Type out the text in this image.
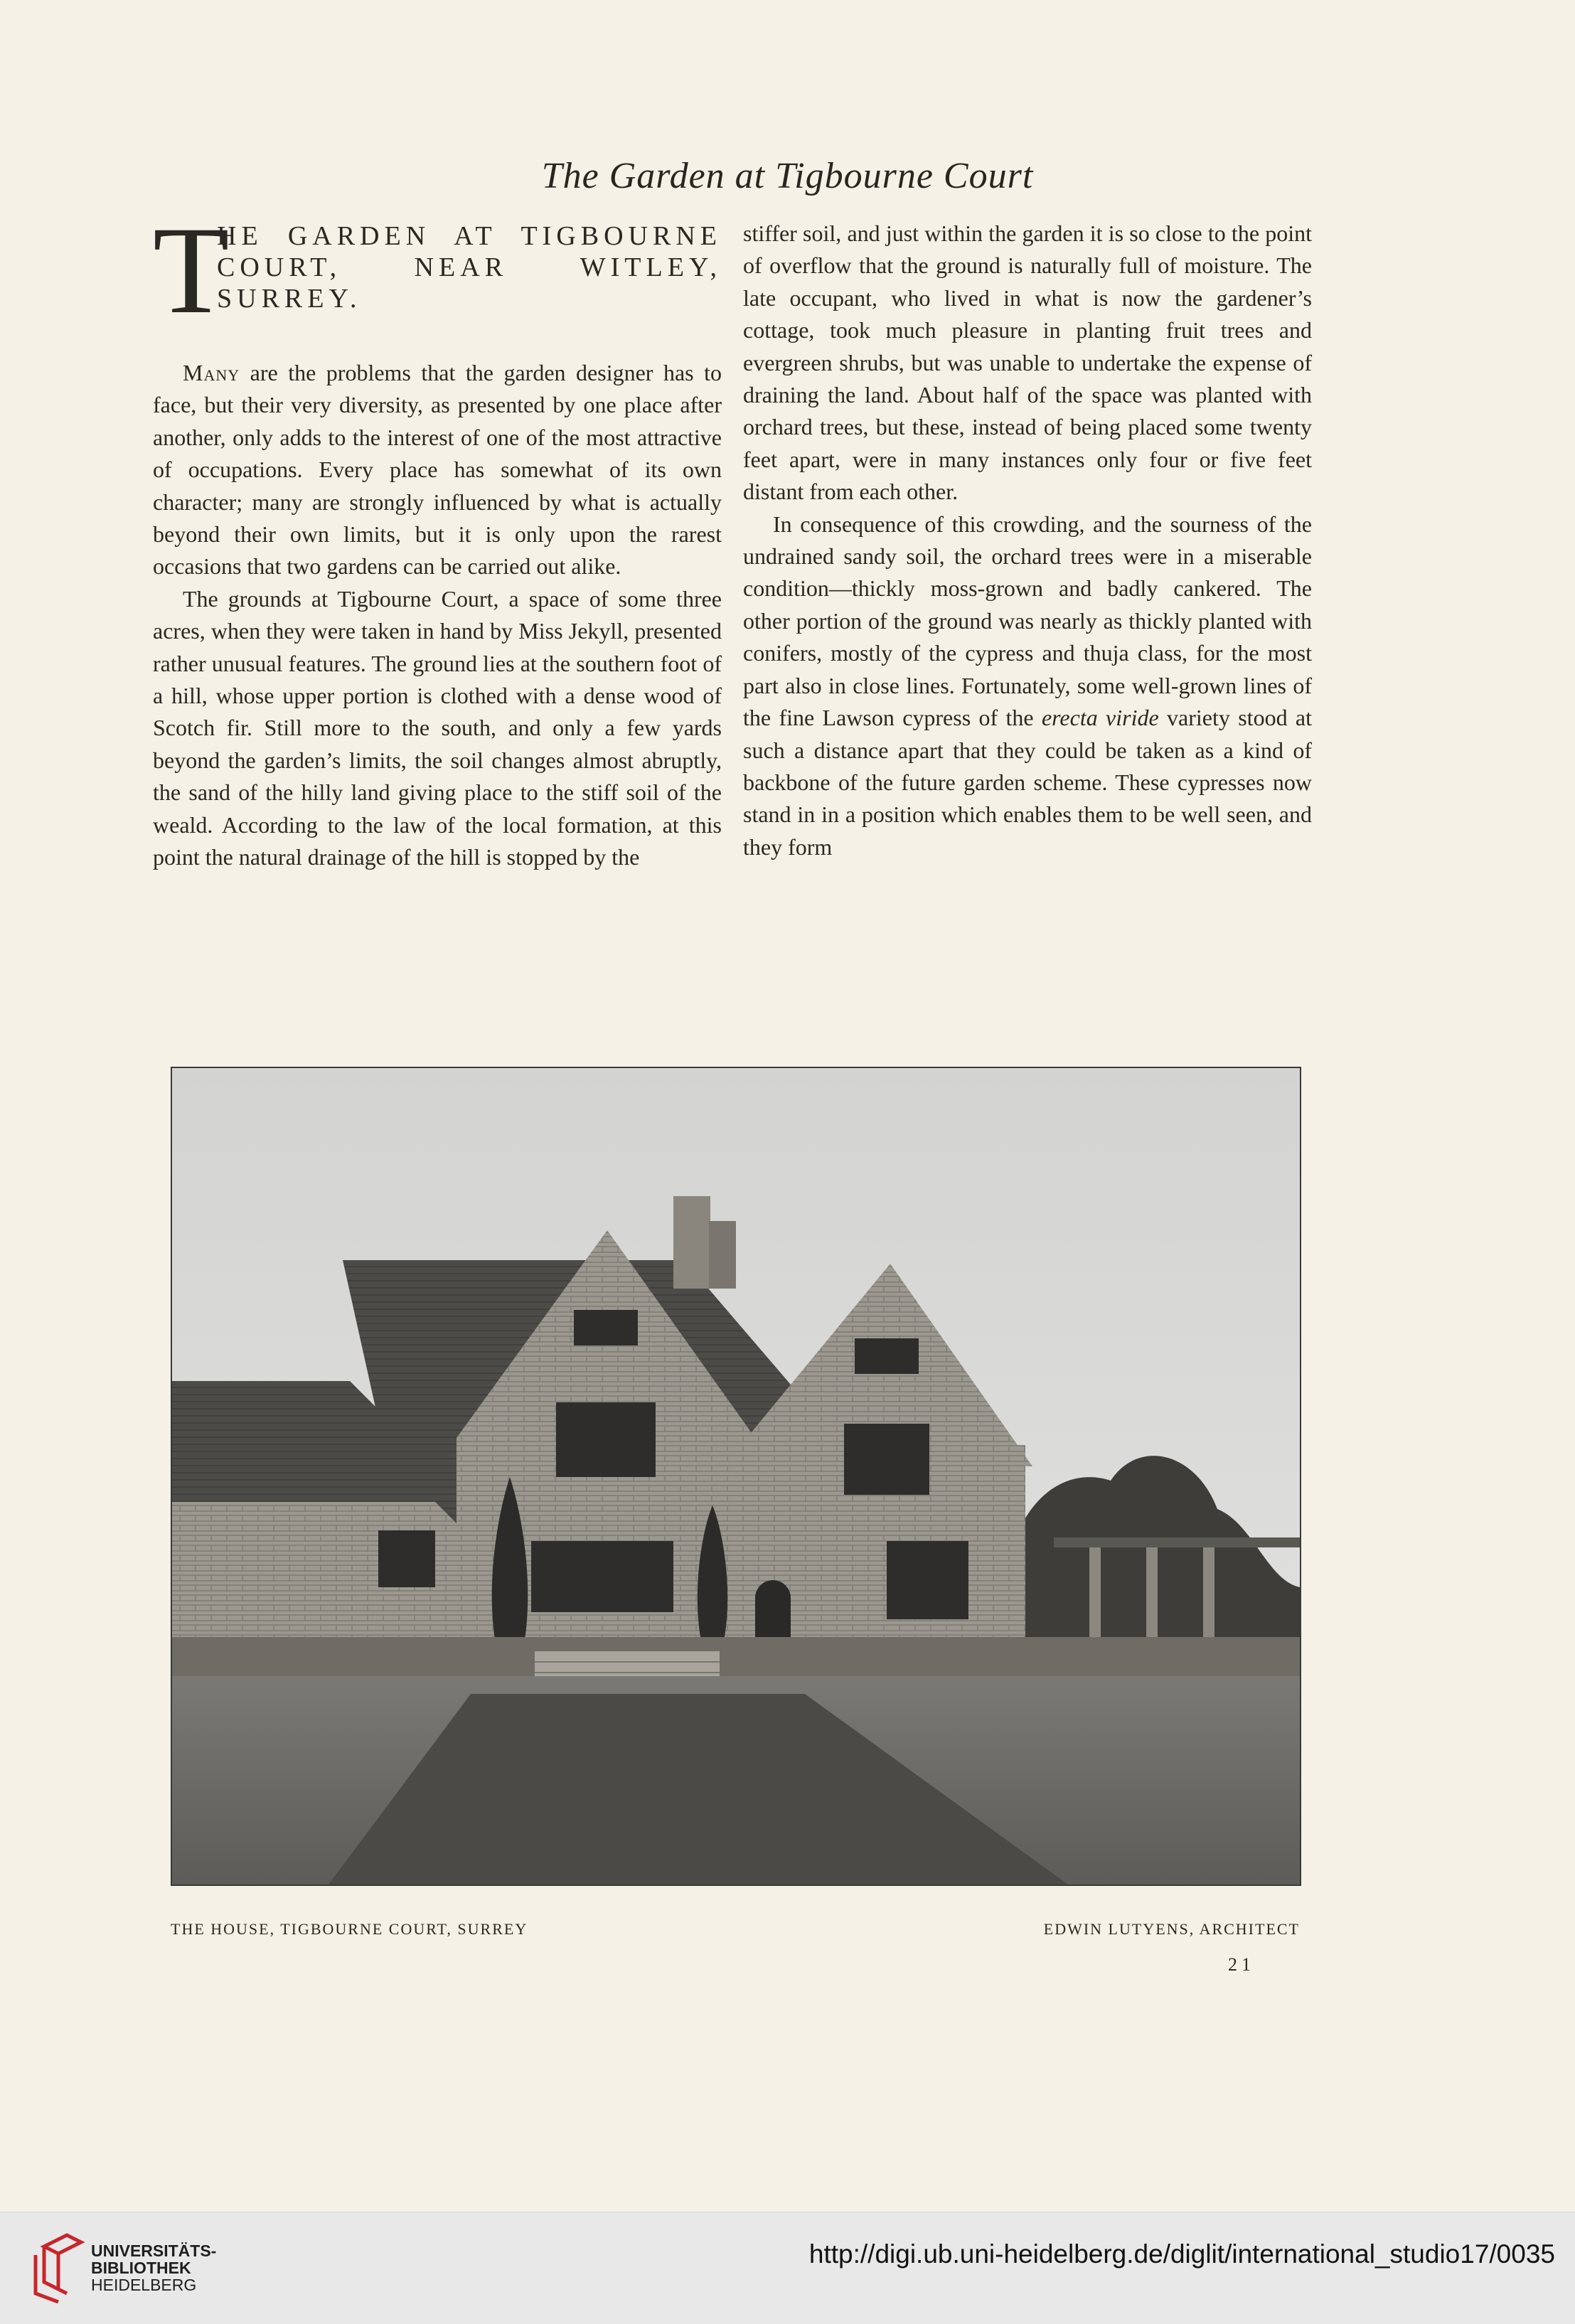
The Garden at Tigbourne Court
T
HE GARDEN AT TIGBOURNE COURT, NEAR WITLEY, SURREY.

Many are the problems that the garden designer has to face, but their very diversity, as presented by one place after another, only adds to the interest of one of the most attractive of occupations. Every place has somewhat of its own character; many are strongly influenced by what is actually beyond their own limits, but it is only upon the rarest occasions that two gardens can be carried out alike.

The grounds at Tigbourne Court, a space of some three acres, when they were taken in hand by Miss Jekyll, presented rather unusual features. The ground lies at the southern foot of a hill, whose upper portion is clothed with a dense wood of Scotch fir. Still more to the south, and only a few yards beyond the garden’s limits, the soil changes almost abruptly, the sand of the hilly land giving place to the stiff soil of the weald. According to the law of the local formation, at this point the natural drainage of the hill is stopped by the

stiffer soil, and just within the garden it is so close to the point of overflow that the ground is naturally full of moisture. The late occupant, who lived in what is now the gardener’s cottage, took much pleasure in planting fruit trees and evergreen shrubs, but was unable to undertake the expense of draining the land. About half of the space was planted with orchard trees, but these, instead of being placed some twenty feet apart, were in many instances only four or five feet distant from each other.

In consequence of this crowding, and the sourness of the undrained sandy soil, the orchard trees were in a miserable condition—thickly moss-grown and badly cankered. The other portion of the ground was nearly as thickly planted with conifers, mostly of the cypress and thuja class, for the most part also in close lines. Fortunately, some well-grown lines of the fine Lawson cypress of the erecta viride variety stood at such a distance apart that they could be taken as a kind of backbone of the future garden scheme. These cypresses now stand in in a position which enables them to be well seen, and they form

THE HOUSE, TIGBOURNE COURT, SURREY	EDWIN LUTYENS, ARCHITECT
21
UNIVERSITÄTS-
BIBLIOTHEK
HEIDELBERG
http://digi.ub.uni-heidelberg.de/diglit/international_studio17/0035
